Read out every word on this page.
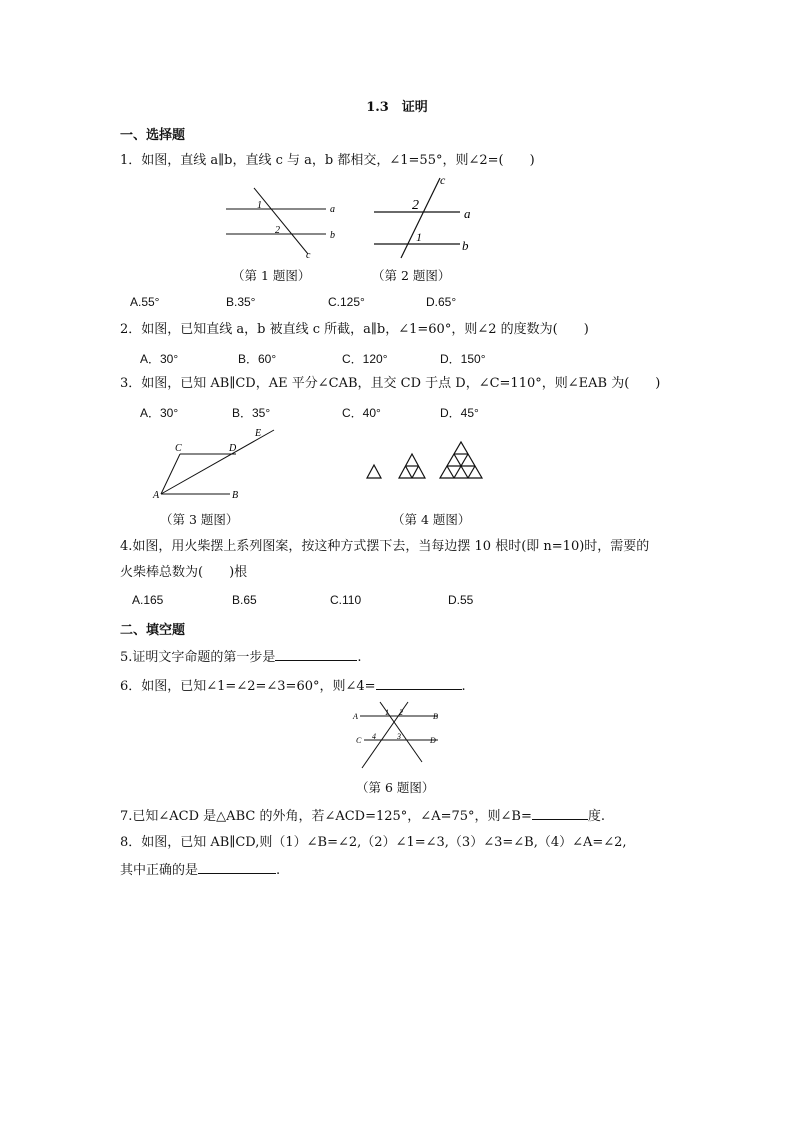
1.3　证明
一、选择题
1．如图，直线 a∥b，直线 c 与 a，b 都相交，∠1=55°，则∠2=(　　)
a
b
c
1
2
a
b
c
2
1
（第 1 题图）	（第 2 题图）
A.55°	B.35°	C.125°	D.65°
2．如图，已知直线 a，b 被直线 c 所截，a∥b，∠1=60°，则∠2 的度数为(　　)
A．30°	B．60°	C．120°	D．150°
3．如图，已知 AB∥CD，AE 平分∠CAB，且交 CD 于点 D，∠C=110°，则∠EAB 为(　　)
A．30°	B．35°	C．40°	D．45°
A	B
C	D
E
（第 3 题图）	（第 4 题图）
4.如图，用火柴摆上系列图案，按这种方式摆下去，当每边摆 10 根时(即 n=10)时，需要的
火柴棒总数为(　　)根
A.165	B.65	C.110	D.55
二、填空题
5.证明文字命题的第一步是	.
6．如图，已知∠1=∠2=∠3=60°，则∠4=	.
A	B
C	D
1 2
3
4
（第 6 题图）
7.已知∠ACD 是△ABC 的外角，若∠ACD=125°，∠A=75°，则∠B=	度.
8．如图，已知 AB∥CD,则（1）∠B=∠2,（2）∠1=∠3,（3）∠3=∠B,（4）∠A=∠2,
其中正确的是	.
